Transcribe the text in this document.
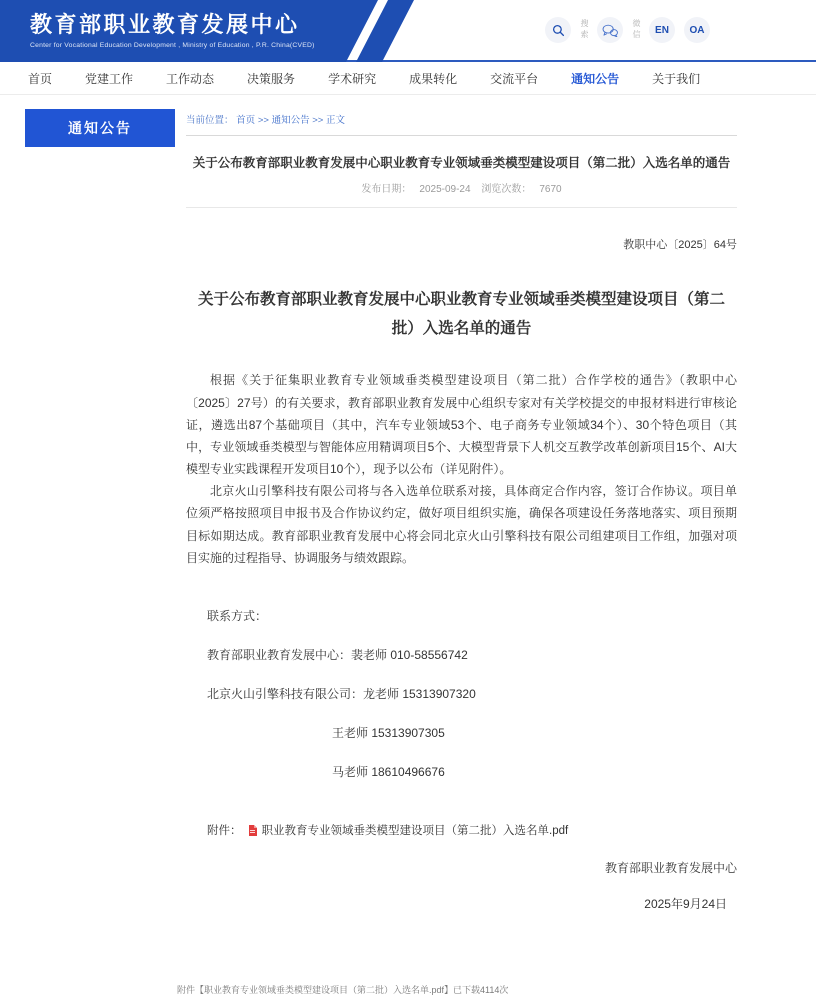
教育部职业教育发展中心
Center for Vocational Education Development , Ministry of Education , P.R. China(CVED)
搜索	微信	EN	OA
首页	党建工作	工作动态	决策服务	学术研究	成果转化	交流平台	通知公告	关于我们
通知公告	当前位置： 首页 >> 通知公告 >> 正文
关于公布教育部职业教育发展中心职业教育专业领域垂类模型建设项目（第二批）入选名单的通告
发布日期： 2025-09-24 浏览次数： 7670
教职中心〔2025〕64号
关于公布教育部职业教育发展中心职业教育专业领域垂类模型建设项目（第二批）入选名单的通告

根据《关于征集职业教育专业领域垂类模型建设项目（第二批）合作学校的通告》（教职中心〔2025〕27号）的有关要求，教育部职业教育发展中心组织专家对有关学校提交的申报材料进行审核论证，遴选出87个基础项目（其中，汽车专业领域53个、电子商务专业领域34个）、30个特色项目（其中，专业领域垂类模型与智能体应用精调项目5个、大模型背景下人机交互教学改革创新项目15个、AI大模型专业实践课程开发项目10个），现予以公布（详见附件）。

北京火山引擎科技有限公司将与各入选单位联系对接，具体商定合作内容，签订合作协议。项目单位须严格按照项目申报书及合作协议约定，做好项目组织实施，确保各项建设任务落地落实、项目预期目标如期达成。教育部职业教育发展中心将会同北京火山引擎科技有限公司组建项目工作组，加强对项目实施的过程指导、协调服务与绩效跟踪。

联系方式：
教育部职业教育发展中心：裴老师 010-58556742
北京火山引擎科技有限公司：龙老师 15313907320
王老师 15313907305
马老师 18610496676
附件： 职业教育专业领域垂类模型建设项目（第二批）入选名单.pdf
教育部职业教育发展中心
2025年9月24日
附件【职业教育专业领域垂类模型建设项目（第二批）入选名单.pdf】已下载4114次
